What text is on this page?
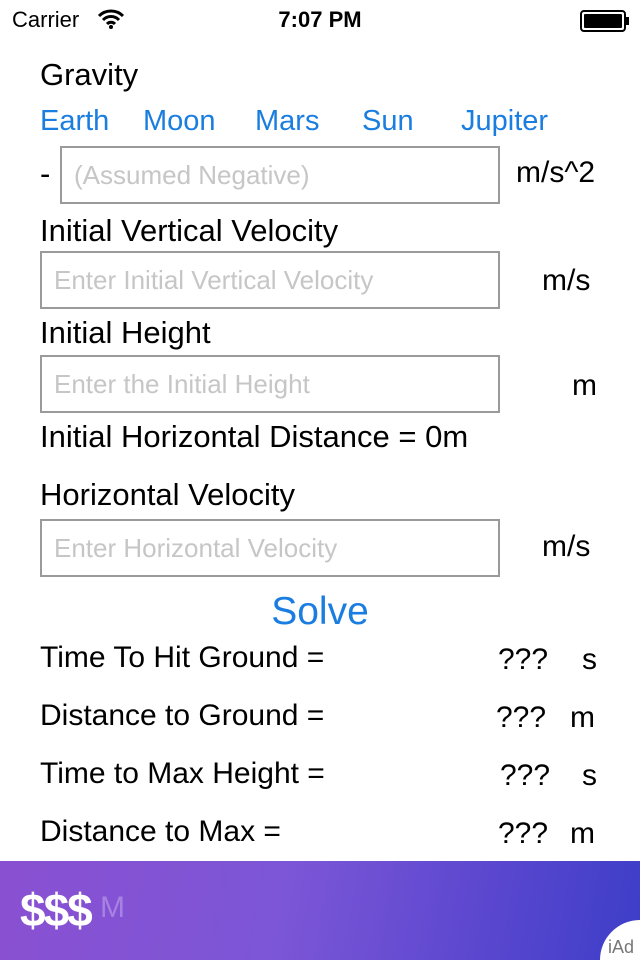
Carrier	7:07 PM
Gravity
Earth Moon Mars Sun Jupiter
-
(Assumed Negative)	m/s^2
Initial Vertical Velocity
Enter Initial Vertical Velocity
m/s
Initial Height
Enter the Initial Height
m
Initial Horizontal Distance = 0m
Horizontal Velocity
Enter Horizontal Velocity
m/s
Solve
Time To Hit Ground =	??? s
Distance to Ground =	??? m
Time to Max Height =	??? s
Distance to Max =	??? m
$$$ M
iAd
